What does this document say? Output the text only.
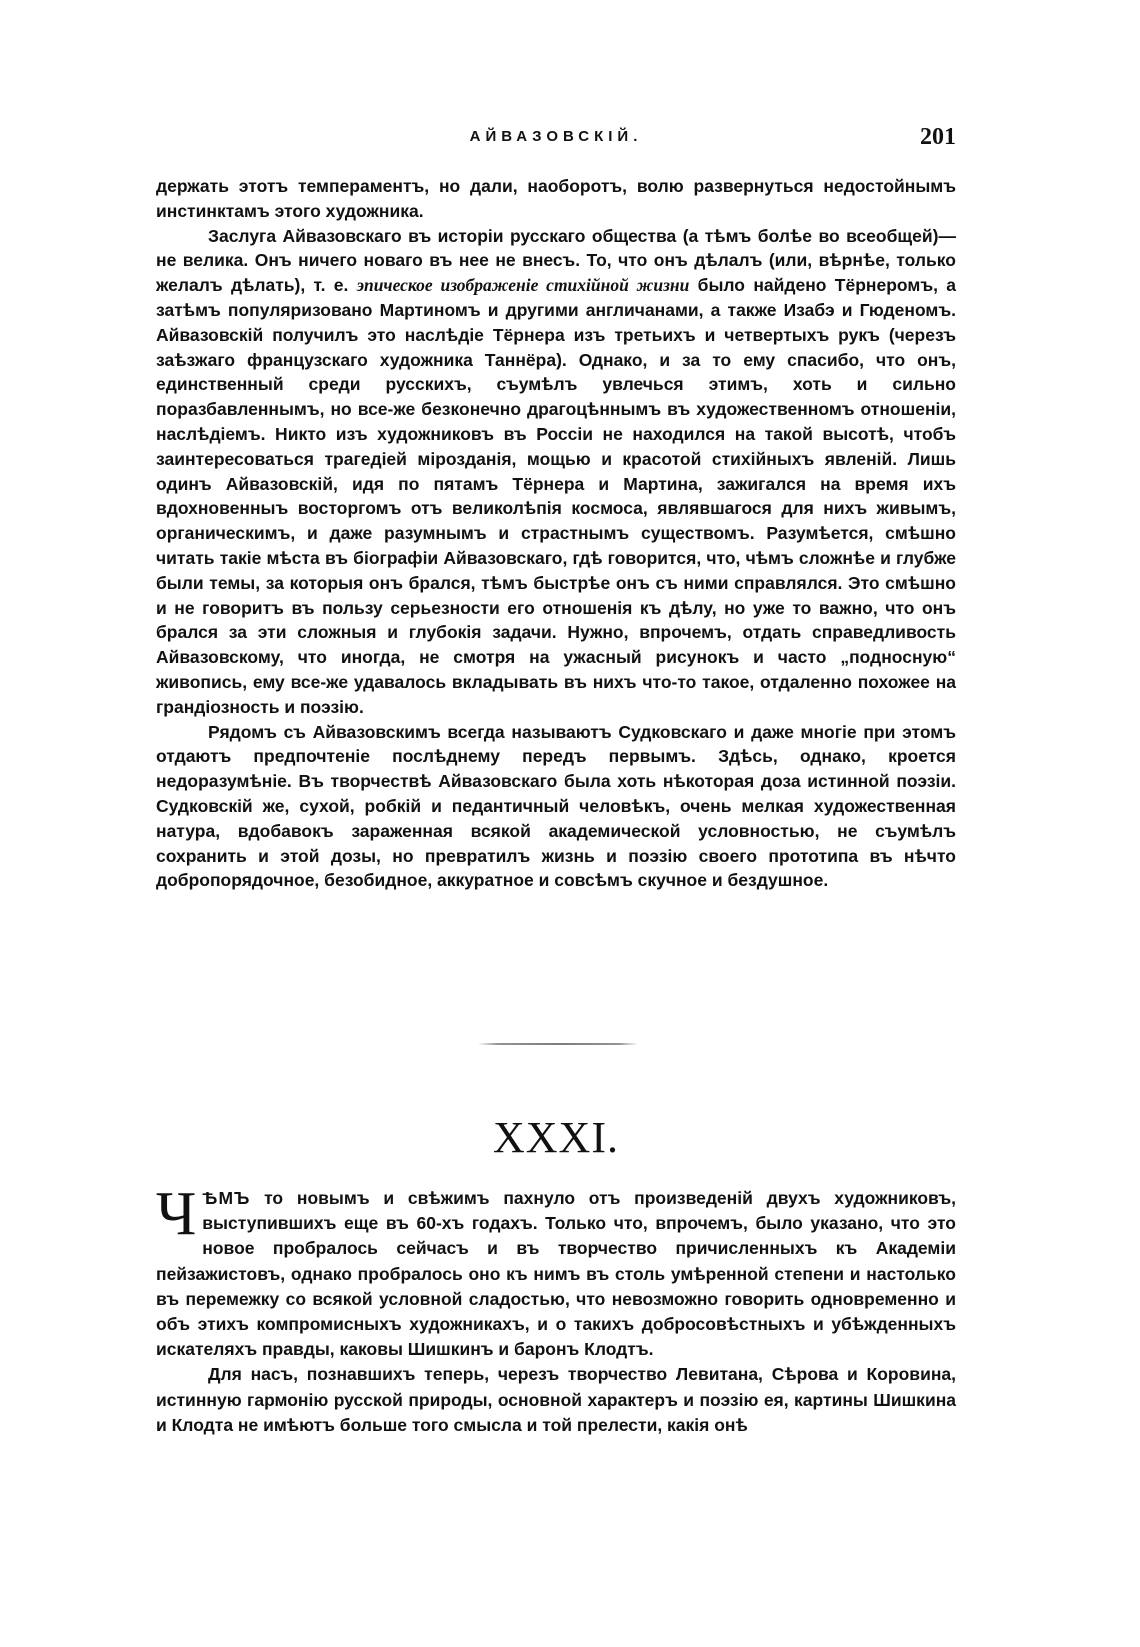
АЙВАЗОВСКІЙ.	201

держать этотъ темпераментъ, но дали, наоборотъ, волю развернуться недостойнымъ инстинктамъ этого художника.

Заслуга Айвазовскаго въ исторіи русскаго общества (а тѣмъ болѣе во всеобщей)—не велика. Онъ ничего новаго въ нее не внесъ. То, что онъ дѣлалъ (или, вѣрнѣе, только желалъ дѣлать), т. е. эпическое изображеніе стихійной жизни было найдено Тёрнеромъ, а затѣмъ популяризовано Мартиномъ и другими англичанами, а также Изабэ и Гюденомъ. Айвазовскій получилъ это наслѣдіе Тёрнера изъ третьихъ и четвертыхъ рукъ (черезъ заѣзжаго французскаго художника Таннёра). Однако, и за то ему спасибо, что онъ, единственный среди русскихъ, съумѣлъ увлечься этимъ, хоть и сильно поразбавленнымъ, но все-же безконечно драгоцѣннымъ въ художественномъ отношеніи, наслѣдіемъ. Никто изъ художниковъ въ Россіи не находился на такой высотѣ, чтобъ заинтересоваться трагедіей мірозданія, мощью и красотой стихійныхъ явленій. Лишь одинъ Айвазовскій, идя по пятамъ Тёрнера и Мартина, зажигался на время ихъ вдохновенныъ восторгомъ отъ великолѣпія космоса, являвшагося для нихъ живымъ, органическимъ, и даже разумнымъ и страстнымъ существомъ. Разумѣется, смѣшно читать такіе мѣста въ біографіи Айвазовскаго, гдѣ говорится, что, чѣмъ сложнѣе и глубже были темы, за которыя онъ брался, тѣмъ быстрѣе онъ съ ними справлялся. Это смѣшно и не говоритъ въ пользу серьезности его отношенія къ дѣлу, но уже то важно, что онъ брался за эти сложныя и глубокія задачи. Нужно, впрочемъ, отдать справедливость Айвазовскому, что иногда, не смотря на ужасный рисунокъ и часто „подносную“ живопись, ему все-же удавалось вкладывать въ нихъ что-то такое, отдаленно похожее на грандіозность и поэзію.

Рядомъ съ Айвазовскимъ всегда называютъ Судковскаго и даже многіе при этомъ отдаютъ предпочтеніе послѣднему передъ первымъ. Здѣсь, однако, кроется недоразумѣніе. Въ творчествѣ Айвазовскаго была хоть нѣкоторая доза истинной поэзіи. Судковскій же, сухой, робкій и педантичный человѣкъ, очень мелкая художественная натура, вдобавокъ зараженная всякой академической условностью, не съумѣлъ сохранить и этой дозы, но превратилъ жизнь и поэзію своего прототипа въ нѣчто добропорядочное, безобидное, аккуратное и совсѣмъ скучное и бездушное.

XXXI.

ЧѢМЪ то новымъ и свѣжимъ пахнуло отъ произведеній двухъ художниковъ, выступившихъ еще въ 60-хъ годахъ. Только что, впрочемъ, было указано, что это новое пробралось сейчасъ и въ творчество причисленныхъ къ Академіи пейзажистовъ, однако пробралось оно къ нимъ въ столь умѣренной степени и настолько въ перемежку со всякой условной сладостью, что невозможно говорить одновременно и объ этихъ компромисныхъ художникахъ, и о такихъ добросовѣстныхъ и убѣжденныхъ искателяхъ правды, каковы Шишкинъ и баронъ Клодтъ.

Для насъ, познавшихъ теперь, черезъ творчество Левитана, Сѣрова и Коровина, истинную гармонію русской природы, основной характеръ и поэзію ея, картины Шишкина и Клодта не имѣютъ больше того смысла и той прелести, какія онѣ
